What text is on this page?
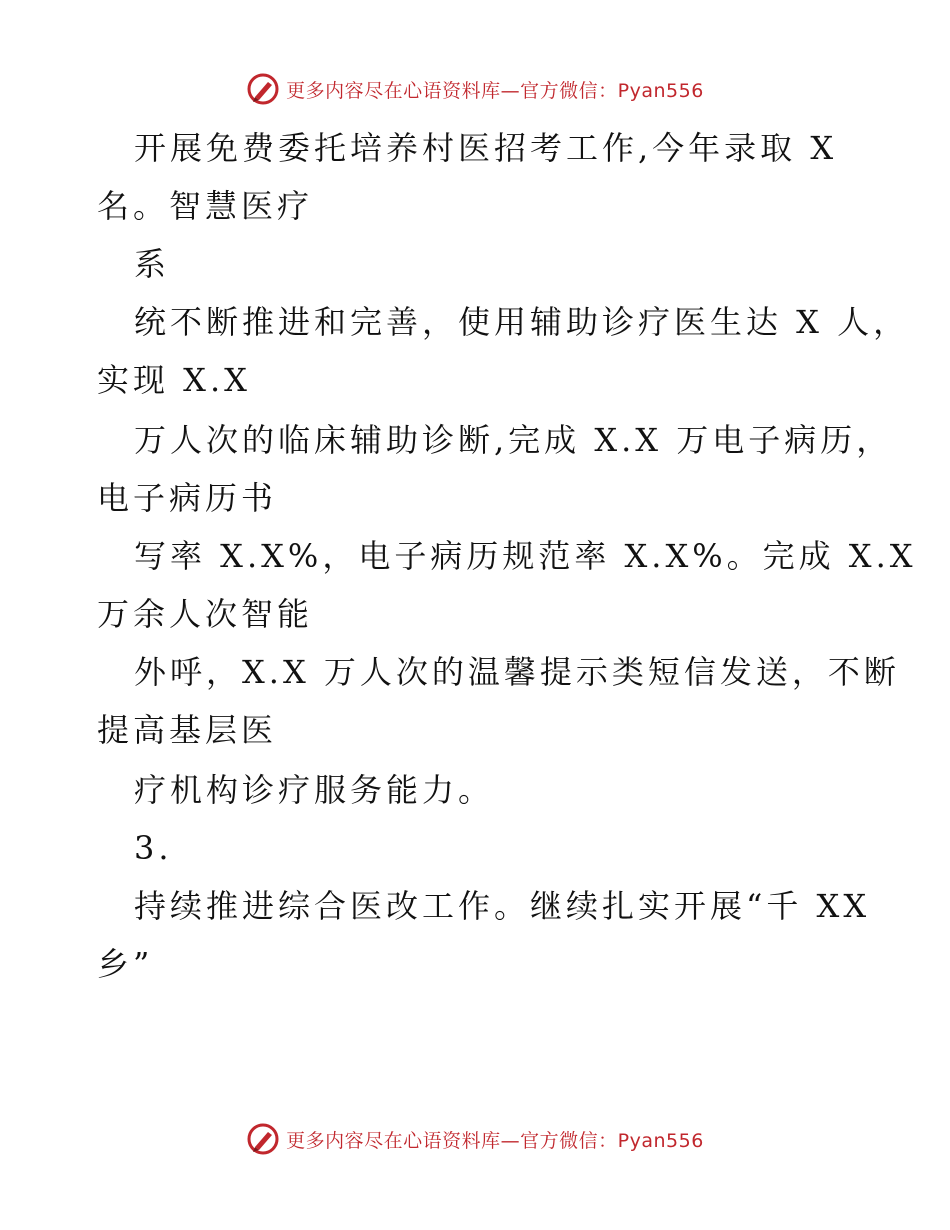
更多内容尽在心语资料库—官方微信：Pyan556
开展免费委托培养村医招考工作,今年录取 X
名。智慧医疗
系
统不断推进和完善，使用辅助诊疗医生达 X 人，
实现 X.X
万人次的临床辅助诊断,完成 X.X 万电子病历，
电子病历书
写率 X.X%，电子病历规范率 X.X%。完成 X.X
万余人次智能
外呼，X.X 万人次的温馨提示类短信发送，不断
提高基层医
疗机构诊疗服务能力。
3.
持续推进综合医改工作。继续扎实开展“千 XX
乡”
更多内容尽在心语资料库—官方微信：Pyan556
